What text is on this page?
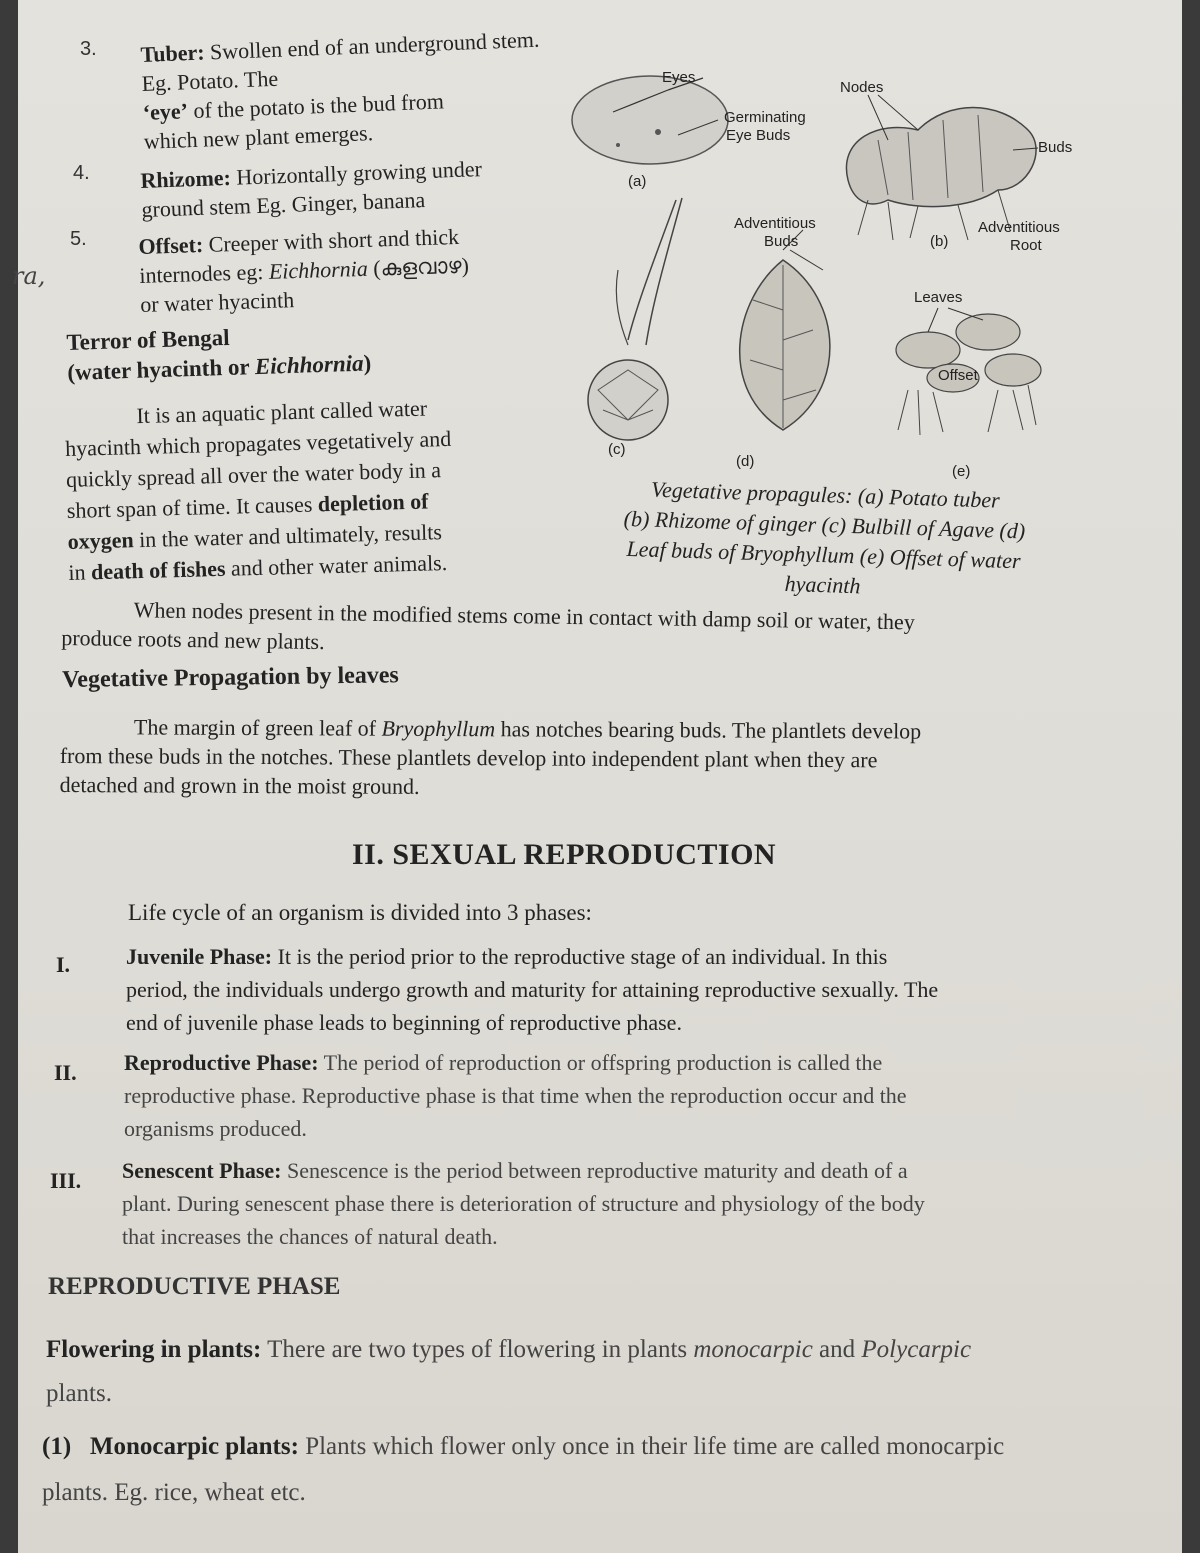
ra,
3. Tuber: Swollen end of an underground stem. Eg. Potato. The
‘eye’ of the potato is the bud from
which new plant emerges.
4. Rhizome: Horizontally growing under
ground stem Eg. Ginger, banana
5. Offset: Creeper with short and thick
internodes eg: Eichhornia (കുളവാഴ)
or water hyacinth
Terror of Bengal
(water hyacinth or Eichhornia)
It is an aquatic plant called water
hyacinth which propagates vegetatively and
quickly spread all over the water body in a
short span of time. It causes depletion of
oxygen in the water and ultimately, results
in death of fishes and other water animals.
Eyes
Germinating
Eye Buds
(a)
Nodes
Buds
Adventitious
Root
(b)
(c)
Adventitious
Buds
(d)
Leaves
Offset
(e)
Vegetative propagules: (a) Potato tuber
(b) Rhizome of ginger (c) Bulbill of Agave (d)
Leaf buds of Bryophyllum (e) Offset of water
hyacinth
When nodes present in the modified stems come in contact with damp soil or water, they
produce roots and new plants.
Vegetative Propagation by leaves
The margin of green leaf of Bryophyllum has notches bearing buds. The plantlets develop
from these buds in the notches. These plantlets develop into independent plant when they are
detached and grown in the moist ground.
II. SEXUAL REPRODUCTION
Life cycle of an organism is divided into 3 phases:
I.	Juvenile Phase: It is the period prior to the reproductive stage of an individual. In this
period, the individuals undergo growth and maturity for attaining reproductive sexually. The
end of juvenile phase leads to beginning of reproductive phase.
II. Reproductive Phase: The period of reproduction or offspring production is called the
reproductive phase. Reproductive phase is that time when the reproduction occur and the
organisms produced.
III. Senescent Phase: Senescence is the period between reproductive maturity and death of a
plant. During senescent phase there is deterioration of structure and physiology of the body
that increases the chances of natural death.
REPRODUCTIVE PHASE
Flowering in plants: There are two types of flowering in plants monocarpic and Polycarpic
plants.
(1) Monocarpic plants: Plants which flower only once in their life time are called monocarpic
plants. Eg. rice, wheat etc.
